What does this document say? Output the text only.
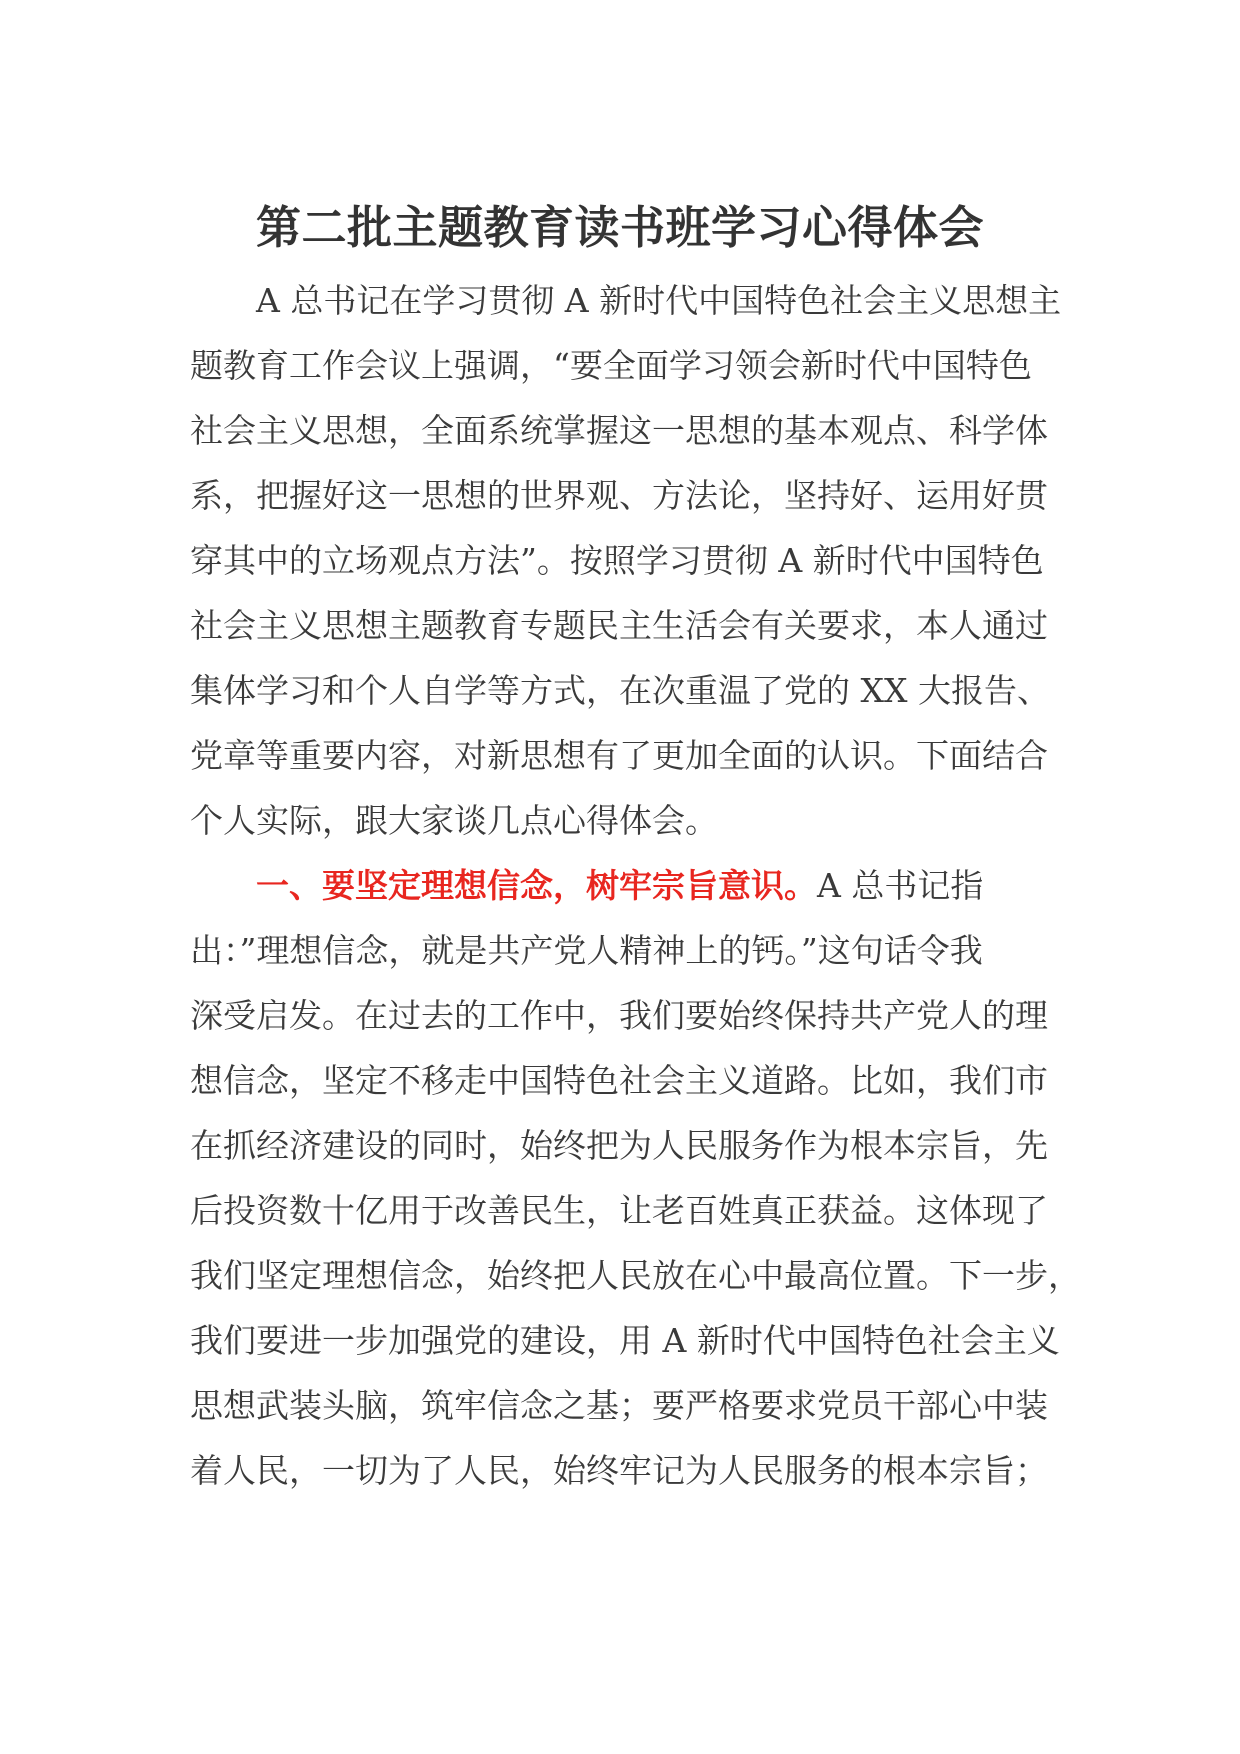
第二批主题教育读书班学习心得体会
A 总书记在学习贯彻 A 新时代中国特色社会主义思想主
题教育工作会议上强调，“要全面学习领会新时代中国特色
社会主义思想，全面系统掌握这一思想的基本观点、科学体
系，把握好这一思想的世界观、方法论，坚持好、运用好贯
穿其中的立场观点方法”。按照学习贯彻 A 新时代中国特色
社会主义思想主题教育专题民主生活会有关要求，本人通过
集体学习和个人自学等方式，在次重温了党的 XX 大报告、
党章等重要内容，对新思想有了更加全面的认识。下面结合
个人实际，跟大家谈几点心得体会。
一、要坚定理想信念，树牢宗旨意识。A 总书记指
出：”理想信念，就是共产党人精神上的钙。”这句话令我
深受启发。在过去的工作中，我们要始终保持共产党人的理
想信念，坚定不移走中国特色社会主义道路。比如，我们市
在抓经济建设的同时，始终把为人民服务作为根本宗旨，先
后投资数十亿用于改善民生，让老百姓真正获益。这体现了
我们坚定理想信念，始终把人民放在心中最高位置。下一步，
我们要进一步加强党的建设，用 A 新时代中国特色社会主义
思想武装头脑，筑牢信念之基；要严格要求党员干部心中装
着人民，一切为了人民，始终牢记为人民服务的根本宗旨；
